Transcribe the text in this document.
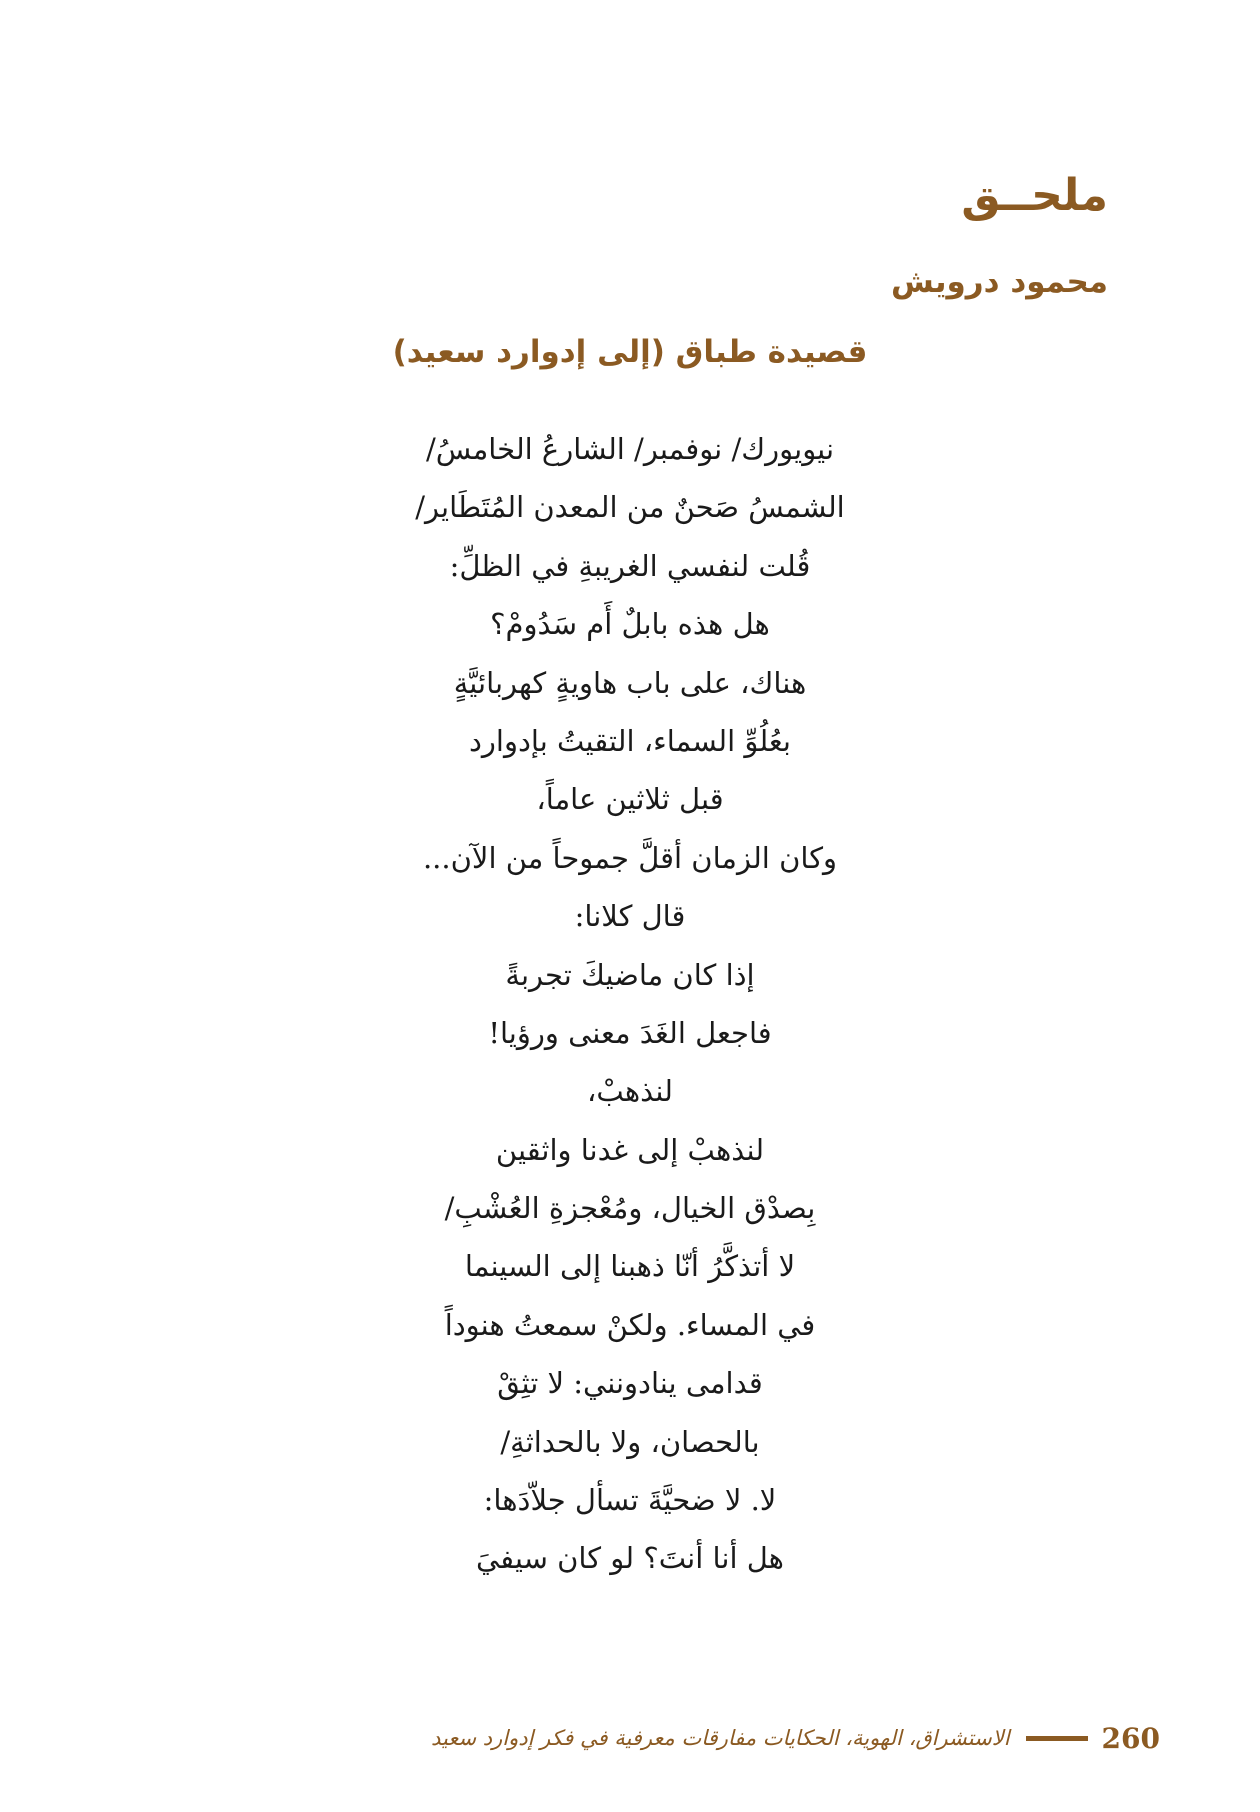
ملحــق
محمود درويش
قصيدة طباق (إلى إدوارد سعيد)
نيويورك/ نوفمبر/ الشارعُ الخامسُ/
الشمسُ صَحنٌ من المعدن المُتَطَاير/
قُلت لنفسي الغريبةِ في الظلِّ:
هل هذه بابلٌ أَم سَدُومْ؟
هناك، على باب هاويةٍ كهربائيَّةٍ
بعُلُوِّ السماء، التقيتُ بإدوارد
قبل ثلاثين عاماً،
وكان الزمان أقلَّ جموحاً من الآن...
قال كلانا:
إذا كان ماضيكَ تجربةً
فاجعل الغَدَ معنى ورؤيا!
لنذهبْ،
لنذهبْ إلى غدنا واثقين
بِصدْق الخيال، ومُعْجزةِ العُشْبِ/
لا أتذكَّرُ أنّا ذهبنا إلى السينما
في المساء. ولكنْ سمعتُ هنوداً
قدامى ينادونني: لا تثِقْ
بالحصان، ولا بالحداثةِ/
لا. لا ضحيَّةَ تسأل جلاّدَها:
هل أنا أنتَ؟ لو كان سيفيَ
الاستشراق، الهوية، الحكايات مفارقات معرفية في فكر إدوارد سعيد	260
